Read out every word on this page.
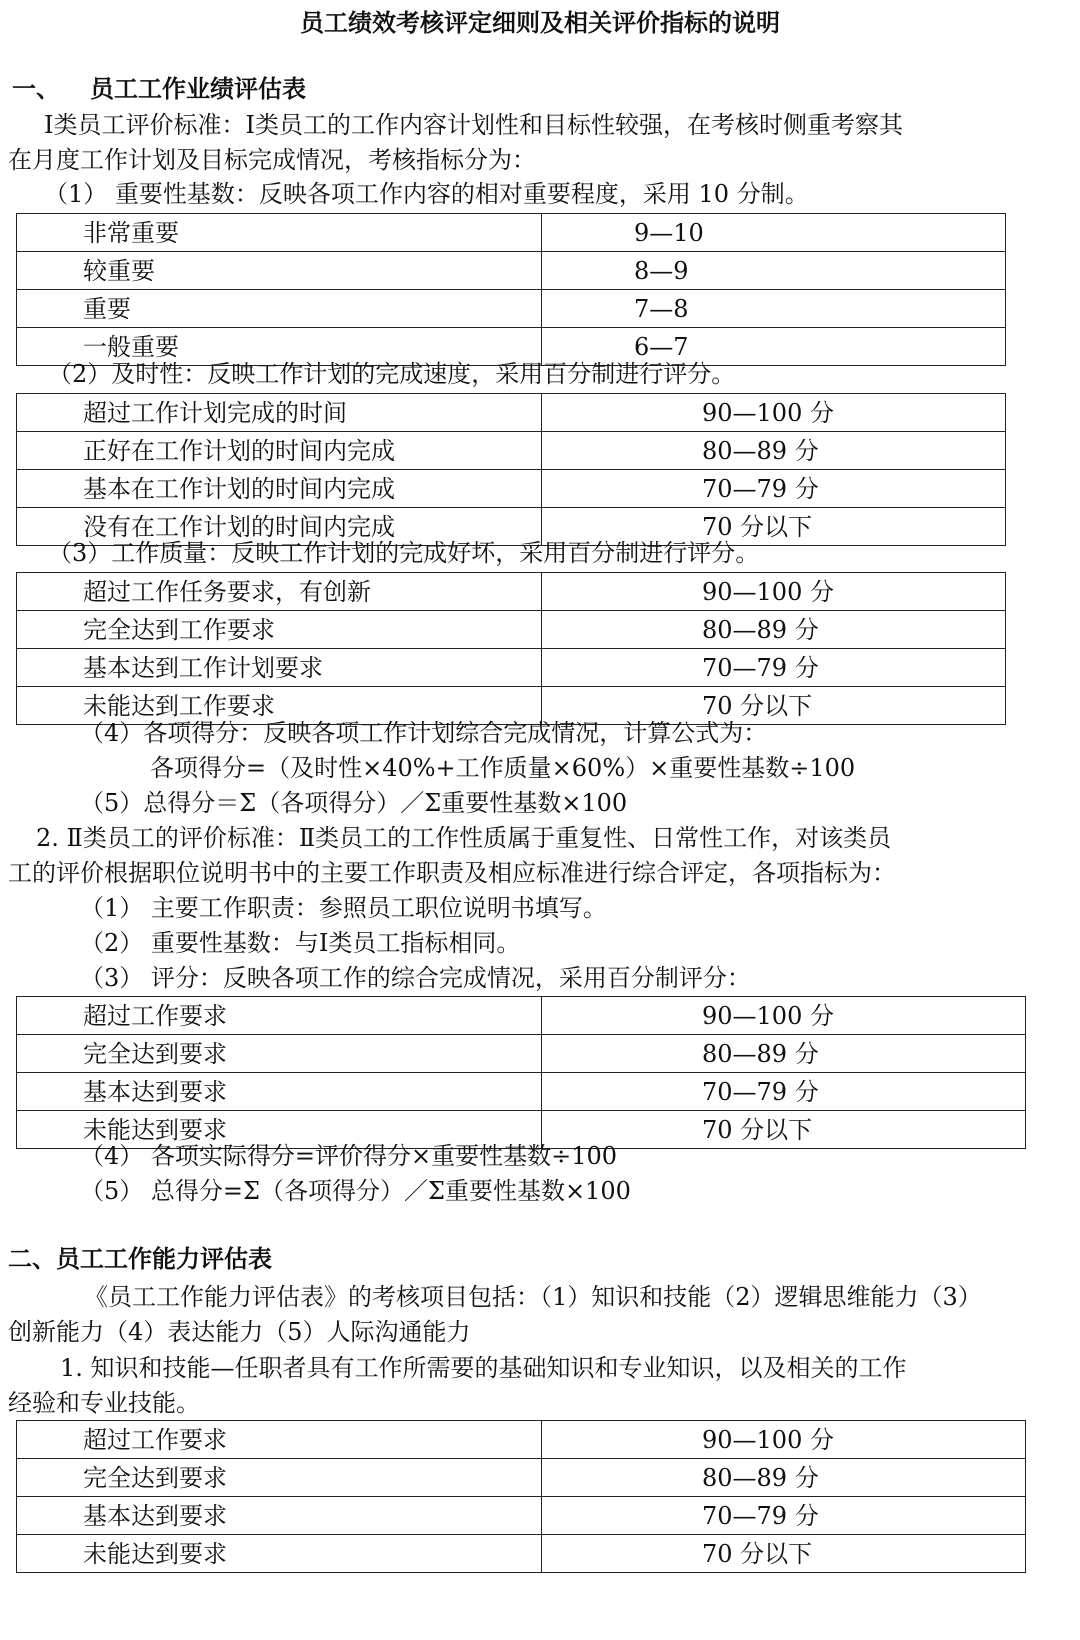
员工绩效考核评定细则及相关评价指标的说明
一、 员工工作业绩评估表
Ⅰ类员工评价标准：Ⅰ类员工的工作内容计划性和目标性较强，在考核时侧重考察其
在月度工作计划及目标完成情况，考核指标分为：
（1） 重要性基数：反映各项工作内容的相对重要程度，采用 10 分制。
非常重要	9—10
较重要	8—9
重要	7—8
一般重要	6—7
（2）及时性：反映工作计划的完成速度，采用百分制进行评分。
超过工作计划完成的时间	90—100 分
正好在工作计划的时间内完成	80—89 分
基本在工作计划的时间内完成	70—79 分
没有在工作计划的时间内完成	70 分以下
（3）工作质量：反映工作计划的完成好坏，采用百分制进行评分。
超过工作任务要求，有创新	90—100 分
完全达到工作要求	80—89 分
基本达到工作计划要求	70—79 分
未能达到工作要求	70 分以下
（4）各项得分：反映各项工作计划综合完成情况，计算公式为：
各项得分=（及时性×40%+工作质量×60%）×重要性基数÷100
（5）总得分＝Σ（各项得分）／Σ重要性基数×100
2. Ⅱ类员工的评价标准：Ⅱ类员工的工作性质属于重复性、日常性工作，对该类员
工的评价根据职位说明书中的主要工作职责及相应标准进行综合评定，各项指标为：
（1） 主要工作职责：参照员工职位说明书填写。
（2） 重要性基数：与Ⅰ类员工指标相同。
（3） 评分：反映各项工作的综合完成情况，采用百分制评分：
超过工作要求	90—100 分
完全达到要求	80—89 分
基本达到要求	70—79 分
未能达到要求	70 分以下
（4） 各项实际得分=评价得分×重要性基数÷100
（5） 总得分=Σ（各项得分）／Σ重要性基数×100
二、员工工作能力评估表
《员工工作能力评估表》的考核项目包括：（1）知识和技能（2）逻辑思维能力（3）
创新能力（4）表达能力（5）人际沟通能力
1. 知识和技能—任职者具有工作所需要的基础知识和专业知识，以及相关的工作
经验和专业技能。
超过工作要求	90—100 分
完全达到要求	80—89 分
基本达到要求	70—79 分
未能达到要求	70 分以下
